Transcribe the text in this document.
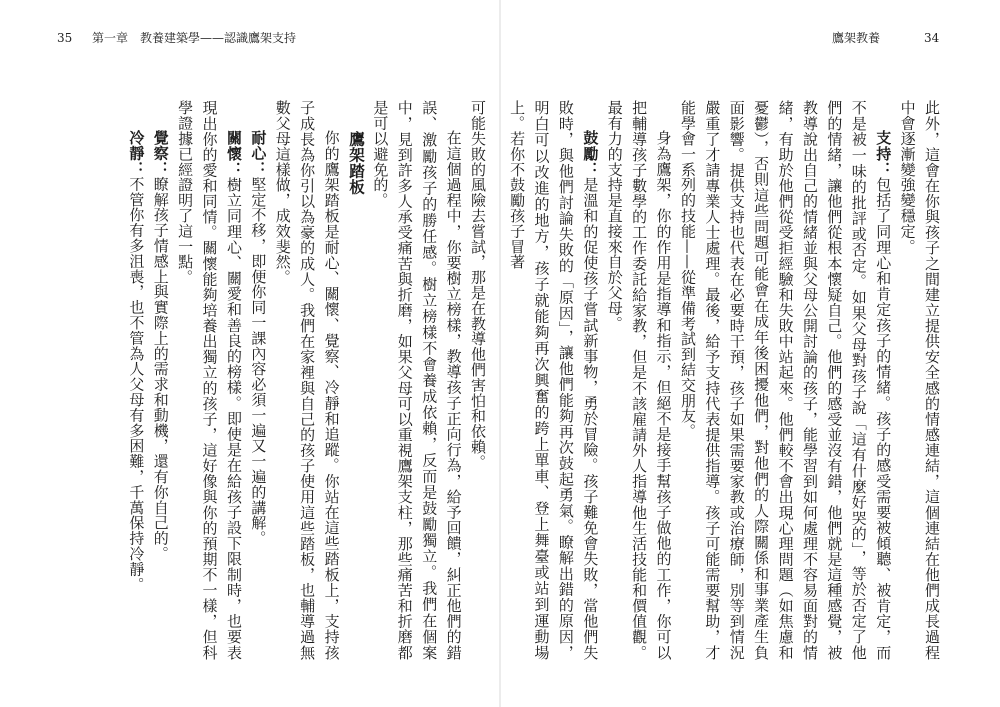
35 第一章　教養建築學——認識鷹架支持	鷹架教養	34

此外，這會在你與孩子之間建立提供安全感的情感連結，這個連結在他們成長過程中會逐漸變強變穩定。

支持：包括了同理心和肯定孩子的情緒。孩子的感受需要被傾聽、被肯定，而不是被一味的批評或否定。如果父母對孩子說「這有什麼好哭的」，等於否定了他們的情緒，讓他們從根本懷疑自己。他們的感受並沒有錯，他們就是這種感覺，被教導說出自己的情緒並與父母公開討論的孩子，能學習到如何處理不容易面對的情緒，有助於他們從受拒經驗和失敗中站起來。他們較不會出現心理問題（如焦慮和憂鬱），否則這些問題可能會在成年後困擾他們，對他們的人際關係和事業產生負面影響。提供支持也代表在必要時干預，孩子如果需要家教或治療師，別等到情況嚴重了才請專業人士處理。最後，給予支持代表提供指導。孩子可能需要幫助，才能學會一系列的技能——從準備考試到結交朋友。

身為鷹架，你的作用是指導和指示，但絕不是接手幫孩子做他的工作，你可以把輔導孩子數學的工作委託給家教，但是不該雇請外人指導他生活技能和價值觀。最有力的支持是直接來自於父母。

鼓勵：是溫和的促使孩子嘗試新事物，勇於冒險。孩子難免會失敗，當他們失敗時，與他們討論失敗的「原因」，讓他們能夠再次鼓起勇氣。瞭解出錯的原因，明白可以改進的地方，孩子就能夠再次興奮的跨上單車、登上舞臺或站到運動場上。若你不鼓勵孩子冒著

可能失敗的風險去嘗試，那是在教導他們害怕和依賴。

在這個過程中，你要樹立榜樣，教導孩子正向行為，給予回饋，糾正他們的錯誤、激勵孩子的勝任感。樹立榜樣不會養成依賴，反而是鼓勵獨立。我們在個案中，見到許多人承受痛苦與折磨，如果父母可以重視鷹架支柱，那些痛苦和折磨都是可以避免的。

鷹架踏板

你的鷹架踏板是耐心、關懷、覺察、冷靜和追蹤。你站在這些踏板上，支持孩子成長為你引以為豪的成人。我們在家裡與自己的孩子使用這些踏板，也輔導過無數父母這樣做，成效斐然。

耐心：堅定不移，即便你同一課內容必須一遍又一遍的講解。

關懷：樹立同理心、關愛和善良的榜樣。即使是在給孩子設下限制時，也要表現出你的愛和同情。關懷能夠培養出獨立的孩子，這好像與你的預期不一樣，但科學證據已經證明了這一點。

覺察：瞭解孩子情感上與實際上的需求和動機，還有你自己的。

冷靜：不管你有多沮喪，也不管為人父母有多困難，千萬保持冷靜。
